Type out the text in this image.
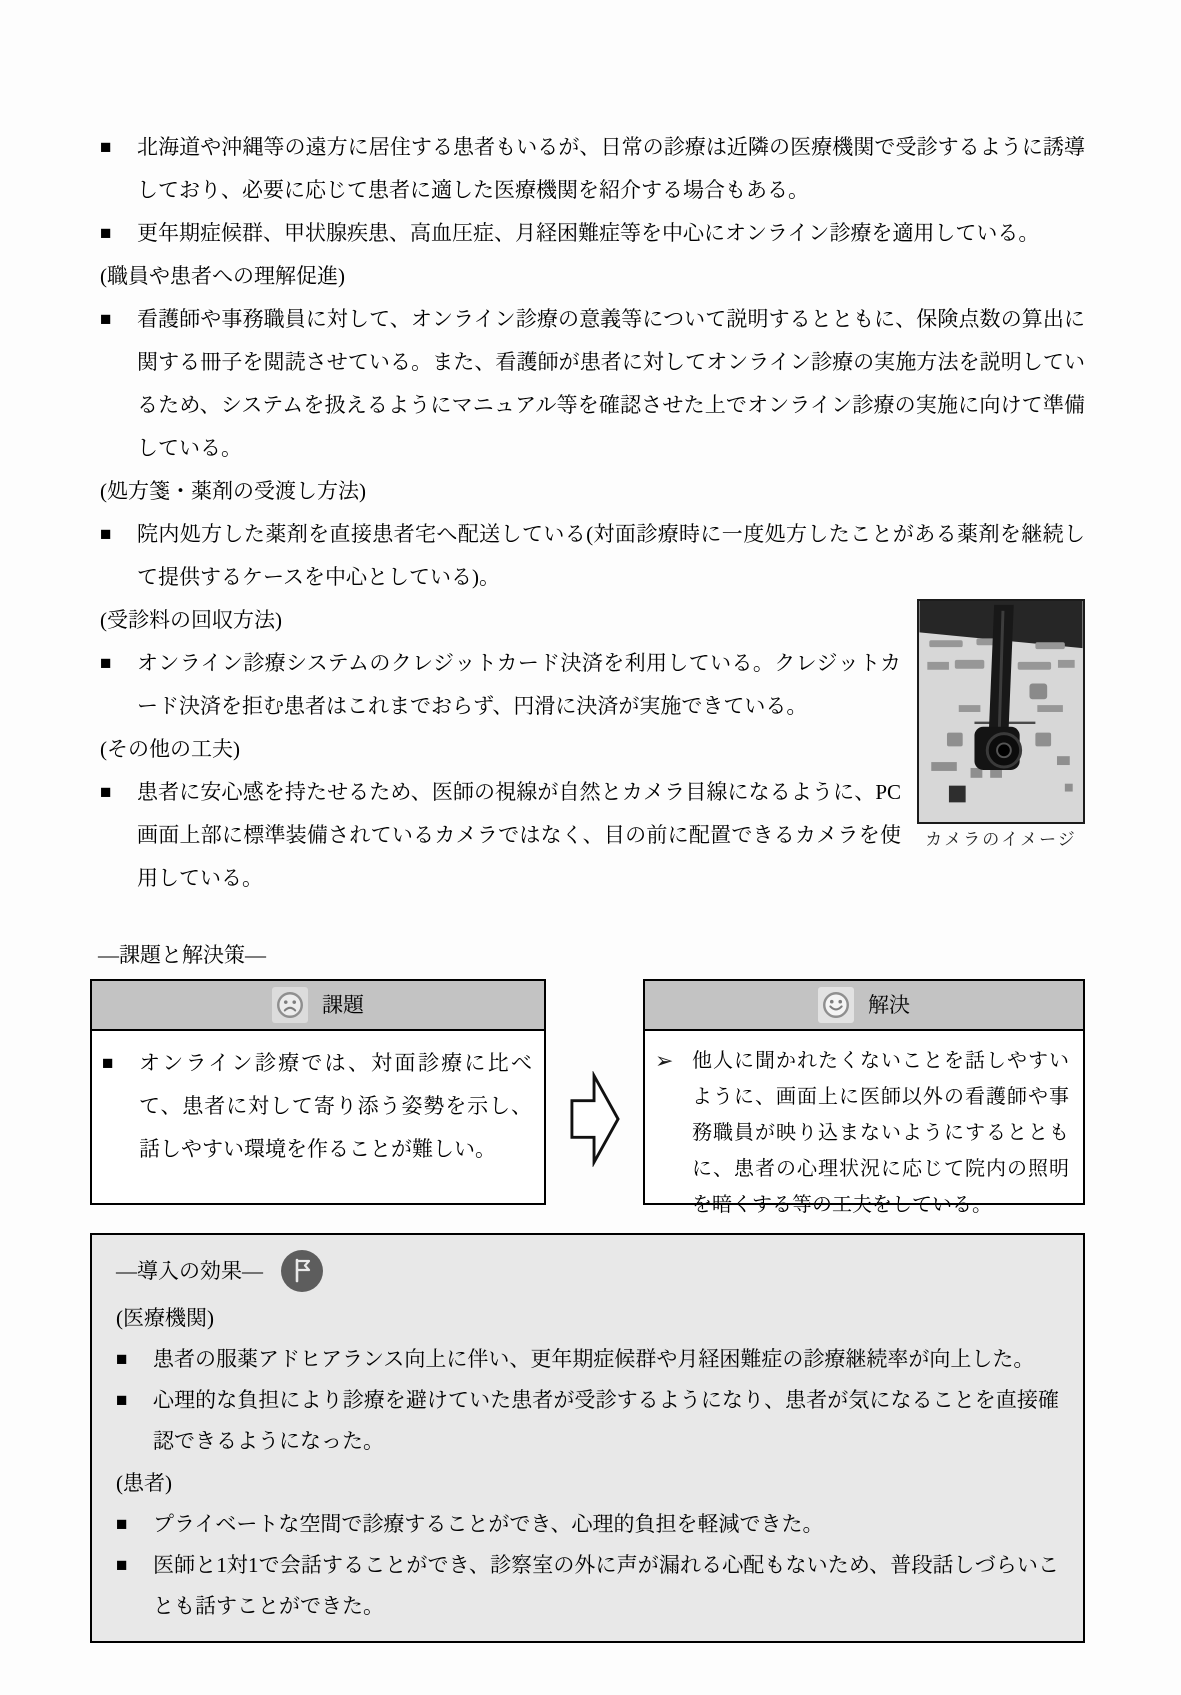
■	北海道や沖縄等の遠方に居住する患者もいるが、日常の診療は近隣の医療機関で受診するように誘導しており、必要に応じて患者に適した医療機関を紹介する場合もある。
■	更年期症候群、甲状腺疾患、高血圧症、月経困難症等を中心にオンライン診療を適用している。
(職員や患者への理解促進)
■	看護師や事務職員に対して、オンライン診療の意義等について説明するとともに、保険点数の算出に関する冊子を閲読させている。また、看護師が患者に対してオンライン診療の実施方法を説明しているため、システムを扱えるようにマニュアル等を確認させた上でオンライン診療の実施に向けて準備している。
(処方箋・薬剤の受渡し方法)
■	院内処方した薬剤を直接患者宅へ配送している(対面診療時に一度処方したことがある薬剤を継続して提供するケースを中心としている)。
カメラのイメージ
(受診料の回収方法)
■	オンライン診療システムのクレジットカード決済を利用している。クレジットカード決済を拒む患者はこれまでおらず、円滑に決済が実施できている。
(その他の工夫)
■	患者に安心感を持たせるため、医師の視線が自然とカメラ目線になるように、PC画面上部に標準装備されているカメラではなく、目の前に配置できるカメラを使用している。
―課題と解決策―
課題
■	オンライン診療では、対面診療に比べて、患者に対して寄り添う姿勢を示し、話しやすい環境を作ることが難しい。
解決
➢ 他人に聞かれたくないことを話しやすいように、画面上に医師以外の看護師や事務職員が映り込まないようにするとともに、患者の心理状況に応じて院内の照明を暗くする等の工夫をしている。
―導入の効果―
(医療機関)
■	患者の服薬アドヒアランス向上に伴い、更年期症候群や月経困難症の診療継続率が向上した。
■	心理的な負担により診療を避けていた患者が受診するようになり、患者が気になることを直接確認できるようになった。
(患者)
■	プライベートな空間で診療することができ、心理的負担を軽減できた。
■	医師と1対1で会話することができ、診察室の外に声が漏れる心配もないため、普段話しづらいことも話すことができた。
